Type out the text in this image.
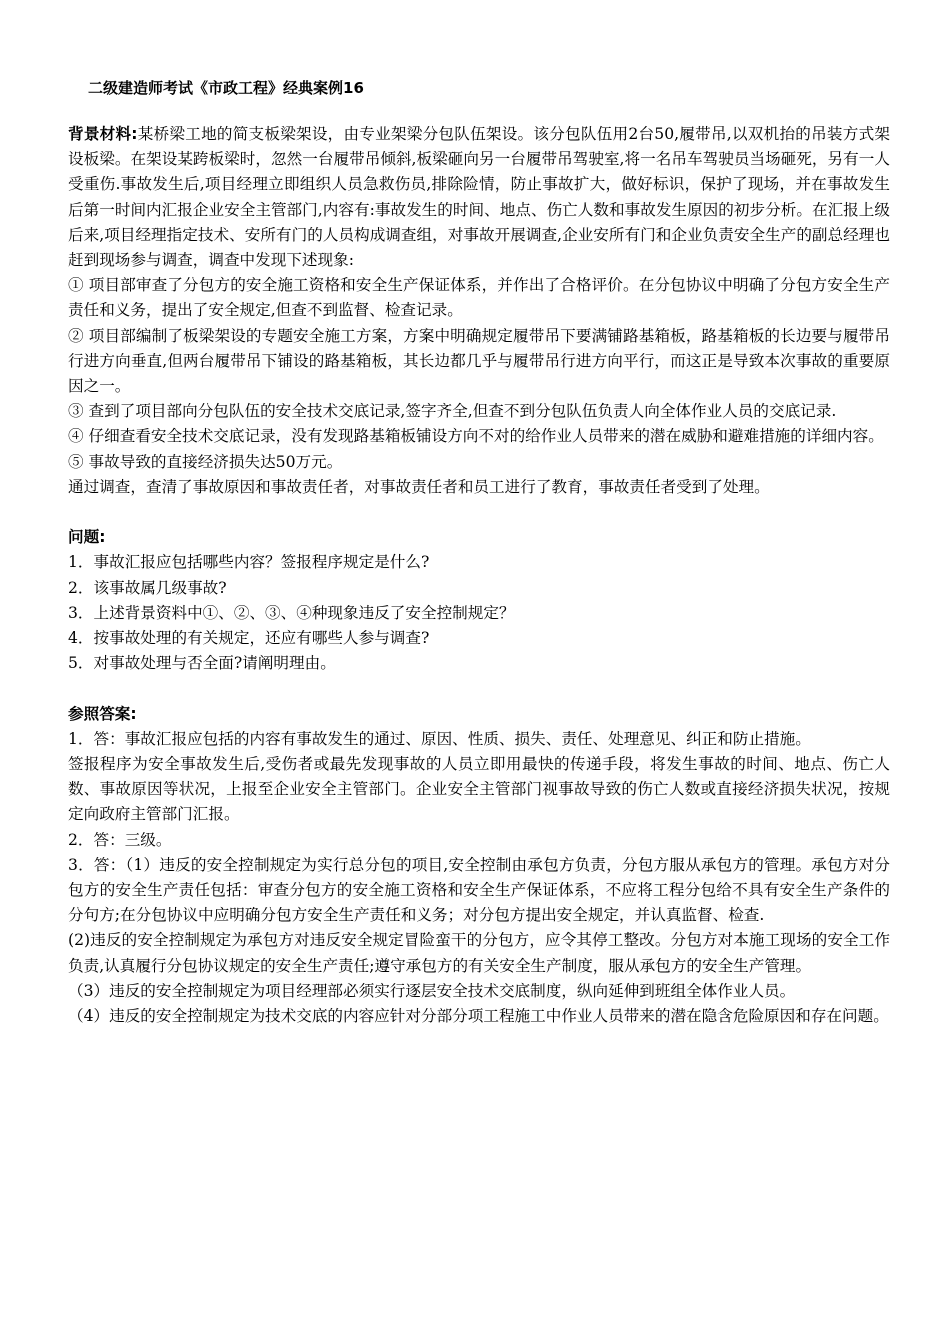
二级建造师考试《市政工程》经典案例16

背景材料:某桥梁工地的简支板梁架设，由专业架梁分包队伍架设。该分包队伍用2台50,履带吊,以双机抬的吊装方式架设板梁。在架设某跨板梁时，忽然一台履带吊倾斜,板梁砸向另一台履带吊驾驶室,将一名吊车驾驶员当场砸死，另有一人受重伤.事故发生后,项目经理立即组织人员急救伤员,排除险情，防止事故扩大，做好标识，保护了现场，并在事故发生后第一时间内汇报企业安全主管部门,内容有:事故发生的时间、地点、伤亡人数和事故发生原因的初步分析。在汇报上级后来,项目经理指定技术、安所有门的人员构成调查组，对事故开展调查,企业安所有门和企业负责安全生产的副总经理也赶到现场参与调查，调查中发现下述现象:

① 项目部审查了分包方的安全施工资格和安全生产保证体系，并作出了合格评价。在分包协议中明确了分包方安全生产责任和义务，提出了安全规定,但查不到监督、检查记录。

② 项目部编制了板梁架设的专题安全施工方案，方案中明确规定履带吊下要满铺路基箱板，路基箱板的长边要与履带吊行进方向垂直,但两台履带吊下铺设的路基箱板，其长边都几乎与履带吊行进方向平行，而这正是导致本次事故的重要原因之一。

③ 查到了项目部向分包队伍的安全技术交底记录,签字齐全,但查不到分包队伍负责人向全体作业人员的交底记录.

④ 仔细查看安全技术交底记录，没有发现路基箱板铺设方向不对的给作业人员带来的潜在威胁和避难措施的详细内容。

⑤ 事故导致的直接经济损失达50万元。

通过调查，查清了事故原因和事故责任者，对事故责任者和员工进行了教育，事故责任者受到了处理。

问题:

1．事故汇报应包括哪些内容？签报程序规定是什么?

2．该事故属几级事故?

3．上述背景资料中①、②、③、④种现象违反了安全控制规定？

4．按事故处理的有关规定，还应有哪些人参与调查?

5．对事故处理与否全面?请阐明理由。

参照答案:

1．答：事故汇报应包括的内容有事故发生的通过、原因、性质、损失、责任、处理意见、纠正和防止措施。

签报程序为安全事故发生后,受伤者或最先发现事故的人员立即用最快的传递手段，将发生事故的时间、地点、伤亡人数、事故原因等状况，上报至企业安全主管部门。企业安全主管部门视事故导致的伤亡人数或直接经济损失状况，按规定向政府主管部门汇报。

2．答：三级。

3．答：（1）违反的安全控制规定为实行总分包的项目,安全控制由承包方负责，分包方服从承包方的管理。承包方对分包方的安全生产责任包括：审查分包方的安全施工资格和安全生产保证体系，不应将工程分包给不具有安全生产条件的分句方;在分包协议中应明确分包方安全生产责任和义务；对分包方提出安全规定，并认真监督、检查.

(2)违反的安全控制规定为承包方对违反安全规定冒险蛮干的分包方，应令其停工整改。分包方对本施工现场的安全工作负责,认真履行分包协议规定的安全生产责任;遵守承包方的有关安全生产制度，服从承包方的安全生产管理。

（3）违反的安全控制规定为项目经理部必须实行逐层安全技术交底制度，纵向延伸到班组全体作业人员。

（4）违反的安全控制规定为技术交底的内容应针对分部分项工程施工中作业人员带来的潜在隐含危险原因和存在问题。
